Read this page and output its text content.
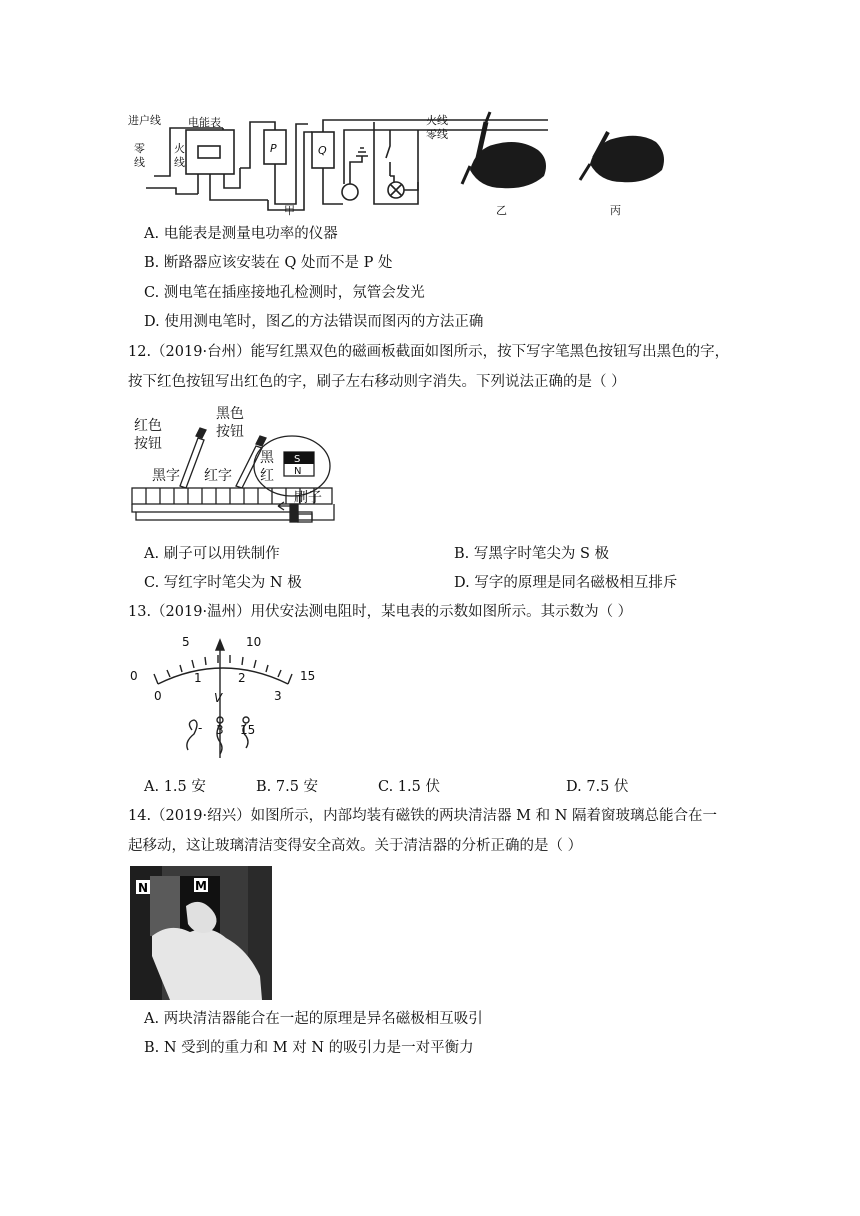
进户线
零
线
火
线
电能表
P	Q
火线
零线
甲	乙	丙
A. 电能表是测量电功率的仪器
B. 断路器应该安装在 Q 处而不是 P 处
C. 测电笔在插座接地孔检测时，氖管会发光
D. 使用测电笔时，图乙的方法错误而图丙的方法正确
12.（2019·台州）能写红黑双色的磁画板截面如图所示，按下写字笔黑色按钮写出黑色的字，
按下红色按钮写出红色的字，刷子左右移动则字消失。下列说法正确的是（ ）
红色
按钮
黑色
按钮
黑字 红字
黑
红
刷子
S
N
A. 刷子可以用铁制作	B. 写黑字时笔尖为 S 极
C. 写红字时笔尖为 N 极	D. 写字的原理是同名磁极相互排斥
13.（2019·温州）用伏安法测电阻时，某电表的示数如图所示。其示数为（ ）
0
5	10
15
0
1	2
3
V
- 3 15
A. 1.5 安	B. 7.5 安	C. 1.5 伏	D. 7.5 伏
14.（2019·绍兴）如图所示，内部均装有磁铁的两块清洁器 M 和 N 隔着窗玻璃总能合在一
起移动，这让玻璃清洁变得安全高效。关于清洁器的分析正确的是（ ）
N	M
A. 两块清洁器能合在一起的原理是异名磁极相互吸引
B. N 受到的重力和 M 对 N 的吸引力是一对平衡力
